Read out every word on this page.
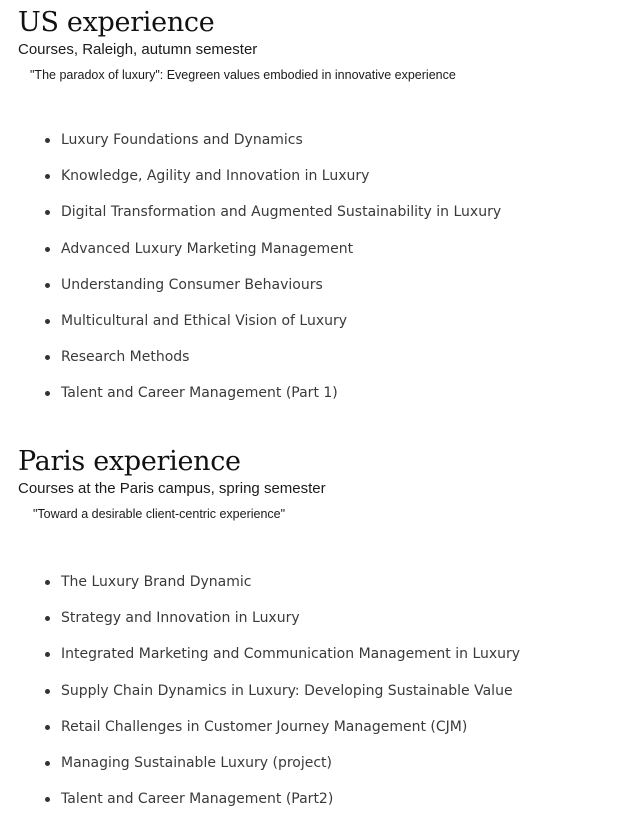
US experience

Courses, Raleigh, autumn semester

"The paradox of luxury": Evegreen values embodied in innovative experience

Luxury Foundations and Dynamics
Knowledge, Agility and Innovation in Luxury
Digital Transformation and Augmented Sustainability in Luxury
Advanced Luxury Marketing Management
Understanding Consumer Behaviours
Multicultural and Ethical Vision of Luxury
Research Methods
Talent and Career Management (Part 1)
Paris experience

Courses at the Paris campus, spring semester

"Toward a desirable client-centric experience"

The Luxury Brand Dynamic
Strategy and Innovation in Luxury
Integrated Marketing and Communication Management in Luxury
Supply Chain Dynamics in Luxury: Developing Sustainable Value
Retail Challenges in Customer Journey Management (CJM)
Managing Sustainable Luxury (project)
Talent and Career Management (Part2)
